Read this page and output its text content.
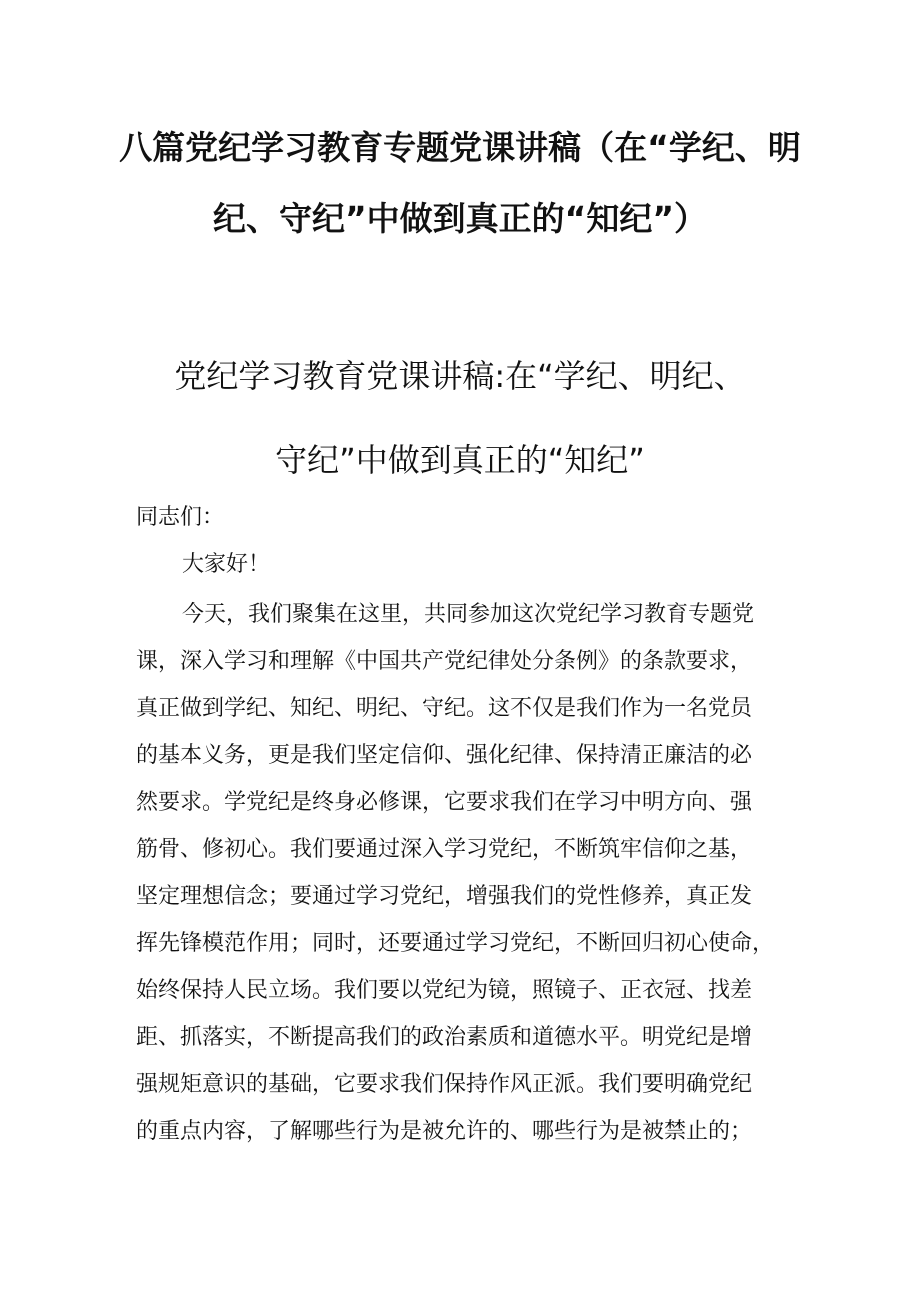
八篇党纪学习教育专题党课讲稿（在“学纪、明
纪、守纪”中做到真正的“知纪”）
党纪学习教育党课讲稿:在“学纪、明纪、
守纪”中做到真正的“知纪”

同志们：

大家好！

今天，我们聚集在这里，共同参加这次党纪学习教育专题党

课，深入学习和理解《中国共产党纪律处分条例》的条款要求，

真正做到学纪、知纪、明纪、守纪。这不仅是我们作为一名党员

的基本义务，更是我们坚定信仰、强化纪律、保持清正廉洁的必

然要求。学党纪是终身必修课，它要求我们在学习中明方向、强

筋骨、修初心。我们要通过深入学习党纪，不断筑牢信仰之基，

坚定理想信念；要通过学习党纪，增强我们的党性修养，真正发

挥先锋模范作用；同时，还要通过学习党纪，不断回归初心使命，

始终保持人民立场。我们要以党纪为镜，照镜子、正衣冠、找差

距、抓落实，不断提高我们的政治素质和道德水平。明党纪是增

强规矩意识的基础，它要求我们保持作风正派。我们要明确党纪

的重点内容，了解哪些行为是被允许的、哪些行为是被禁止的；
